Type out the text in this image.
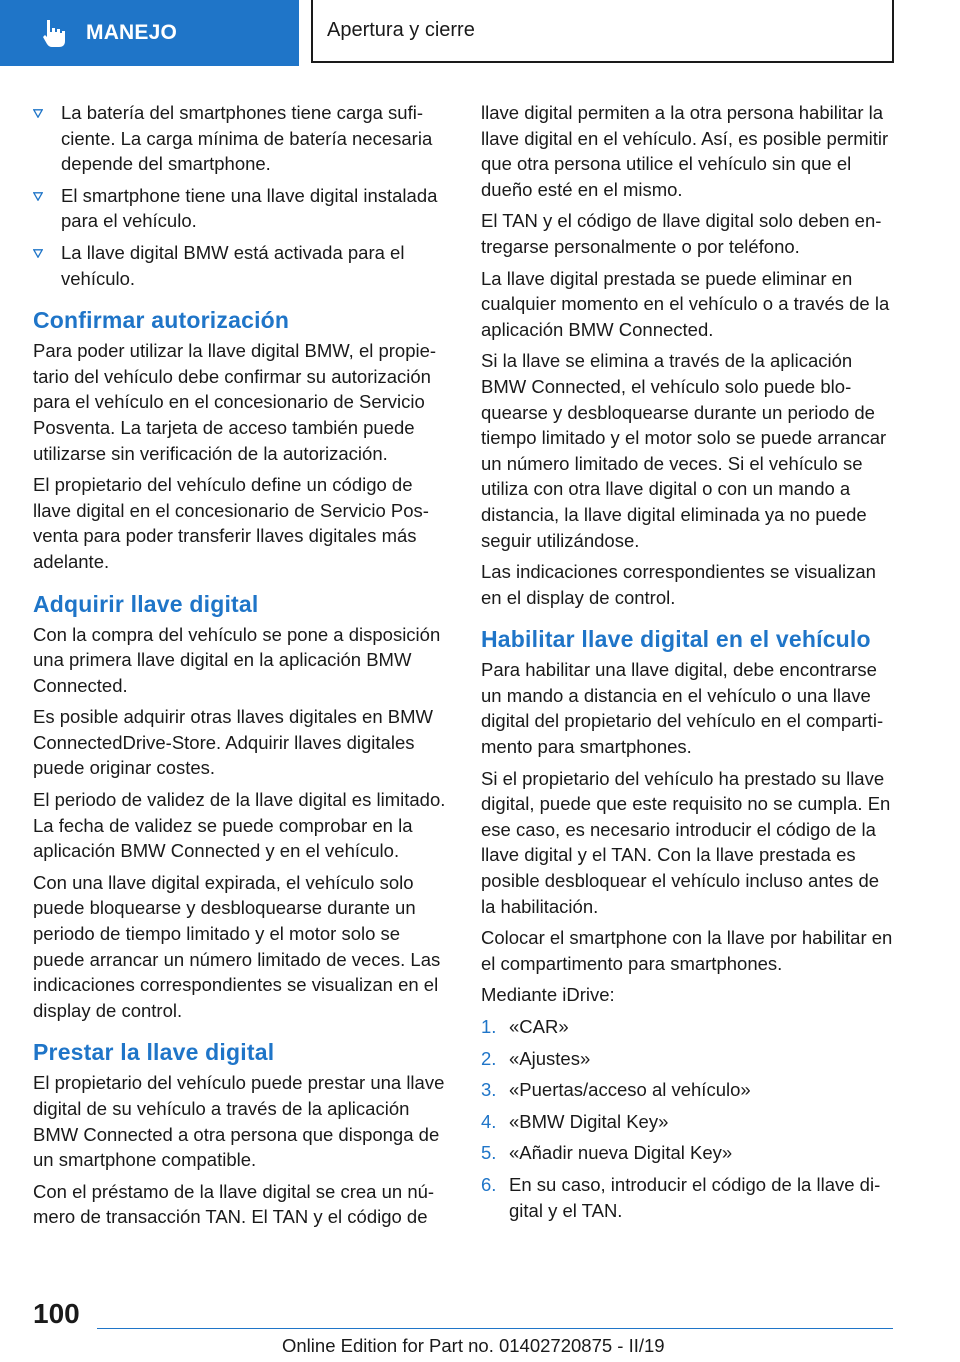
MANEJO	Apertura y cierre
La batería del smartphones tiene carga suficiente. La carga mínima de batería necesaria depende del smartphone.
El smartphone tiene una llave digital instalada para el vehículo.
La llave digital BMW está activada para el vehículo.
Confirmar autorización

Para poder utilizar la llave digital BMW, el propietario del vehículo debe confirmar su autorización para el vehículo en el concesionario de Servicio Posventa. La tarjeta de acceso también puede utilizarse sin verificación de la autorización.

El propietario del vehículo define un código de llave digital en el concesionario de Servicio Posventa para poder transferir llaves digitales más adelante.

Adquirir llave digital

Con la compra del vehículo se pone a disposición una primera llave digital en la aplicación BMW Connected.

Es posible adquirir otras llaves digitales en BMW ConnectedDrive-Store. Adquirir llaves digitales puede originar costes.

El periodo de validez de la llave digital es limitado. La fecha de validez se puede comprobar en la aplicación BMW Connected y en el vehículo.

Con una llave digital expirada, el vehículo solo puede bloquearse y desbloquearse durante un periodo de tiempo limitado y el motor solo se puede arrancar un número limitado de veces. Las indicaciones correspondientes se visualizan en el display de control.

Prestar la llave digital

El propietario del vehículo puede prestar una llave digital de su vehículo a través de la aplicación BMW Connected a otra persona que disponga de un smartphone compatible.

Con el préstamo de la llave digital se crea un número de transacción TAN. El TAN y el código de

llave digital permiten a la otra persona habilitar la llave digital en el vehículo. Así, es posible permitir que otra persona utilice el vehículo sin que el dueño esté en el mismo.

El TAN y el código de llave digital solo deben entregarse personalmente o por teléfono.

La llave digital prestada se puede eliminar en cualquier momento en el vehículo o a través de la aplicación BMW Connected.

Si la llave se elimina a través de la aplicación BMW Connected, el vehículo solo puede bloquearse y desbloquearse durante un periodo de tiempo limitado y el motor solo se puede arrancar un número limitado de veces. Si el vehículo se utiliza con otra llave digital o con un mando a distancia, la llave digital eliminada ya no puede seguir utilizándose.

Las indicaciones correspondientes se visualizan en el display de control.

Habilitar llave digital en el vehículo

Para habilitar una llave digital, debe encontrarse un mando a distancia en el vehículo o una llave digital del propietario del vehículo en el compartimento para smartphones.

Si el propietario del vehículo ha prestado su llave digital, puede que este requisito no se cumpla. En ese caso, es necesario introducir el código de la llave digital y el TAN. Con la llave prestada es posible desbloquear el vehículo incluso antes de la habilitación.

Colocar el smartphone con la llave por habilitar en el compartimento para smartphones.

Mediante iDrive:

1. «CAR»
2. «Ajustes»
3. «Puertas/acceso al vehículo»
4. «BMW Digital Key»
5. «Añadir nueva Digital Key»
6. En su caso, introducir el código de la llave digital y el TAN.
100
Online Edition for Part no. 01402720875 - II/19
